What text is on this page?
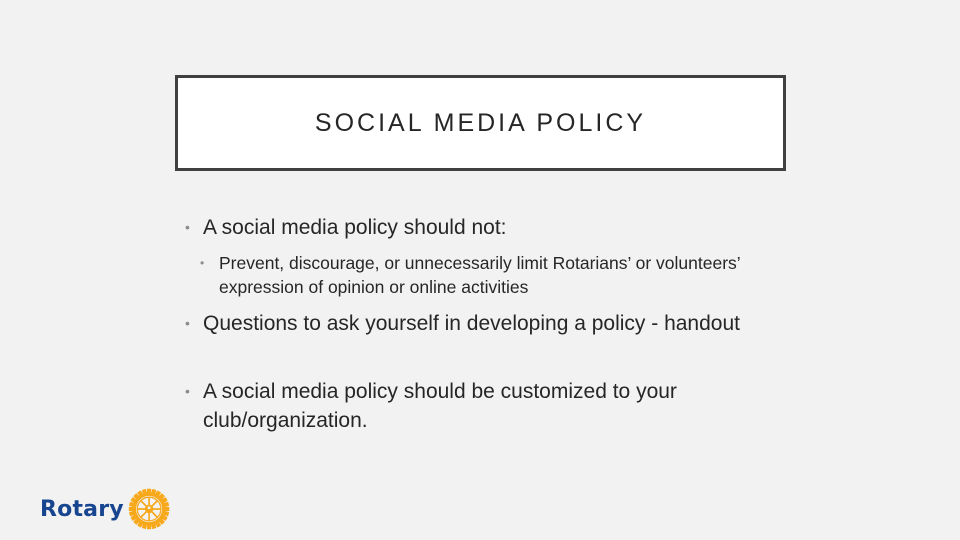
SOCIAL MEDIA POLICY
• A social media policy should not:
• Prevent, discourage, or unnecessarily limit Rotarians’ or volunteers’ expression of opinion or online activities
• Questions to ask yourself in developing a policy - handout
• A social media policy should be customized to your club/organization.
Rotary
